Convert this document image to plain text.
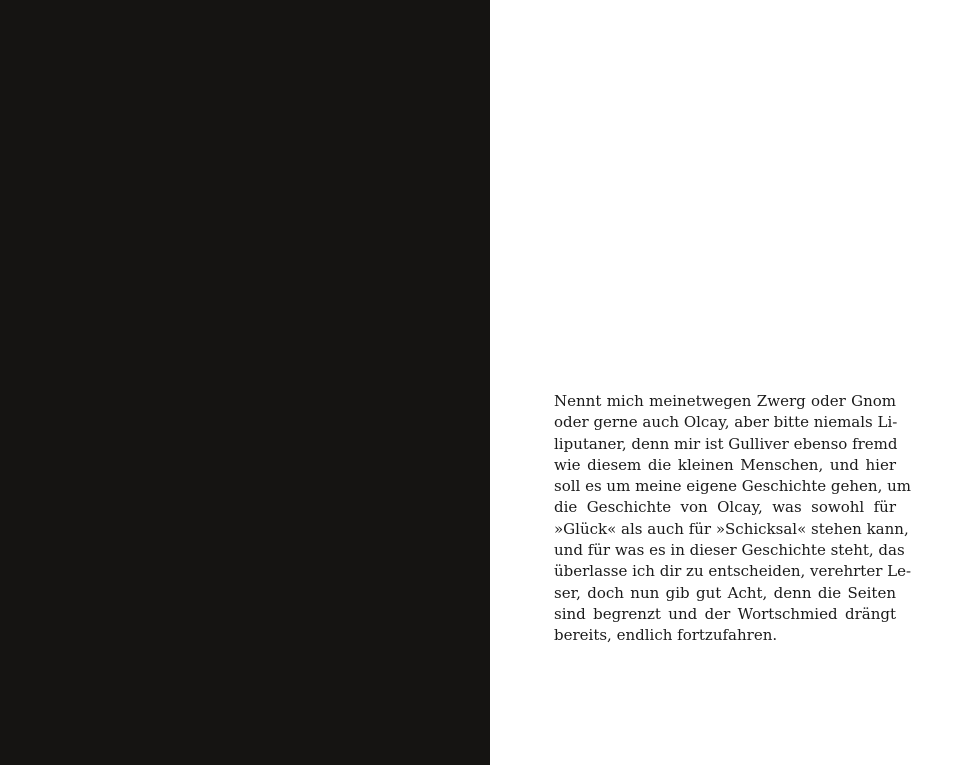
Nennt mich meinetwegen Zwerg oder Gnom
oder gerne auch Olcay, aber bitte niemals Li-
liputaner, denn mir ist Gulliver ebenso fremd
wie diesem die kleinen Menschen, und hier
soll es um meine eigene Geschichte gehen, um
die Geschichte von Olcay, was sowohl für
»Glück« als auch für »Schicksal« stehen kann,
und für was es in dieser Geschichte steht, das
überlasse ich dir zu entscheiden, verehrter Le-
ser, doch nun gib gut Acht, denn die Seiten
sind begrenzt und der Wortschmied drängt
bereits, endlich fortzufahren.
